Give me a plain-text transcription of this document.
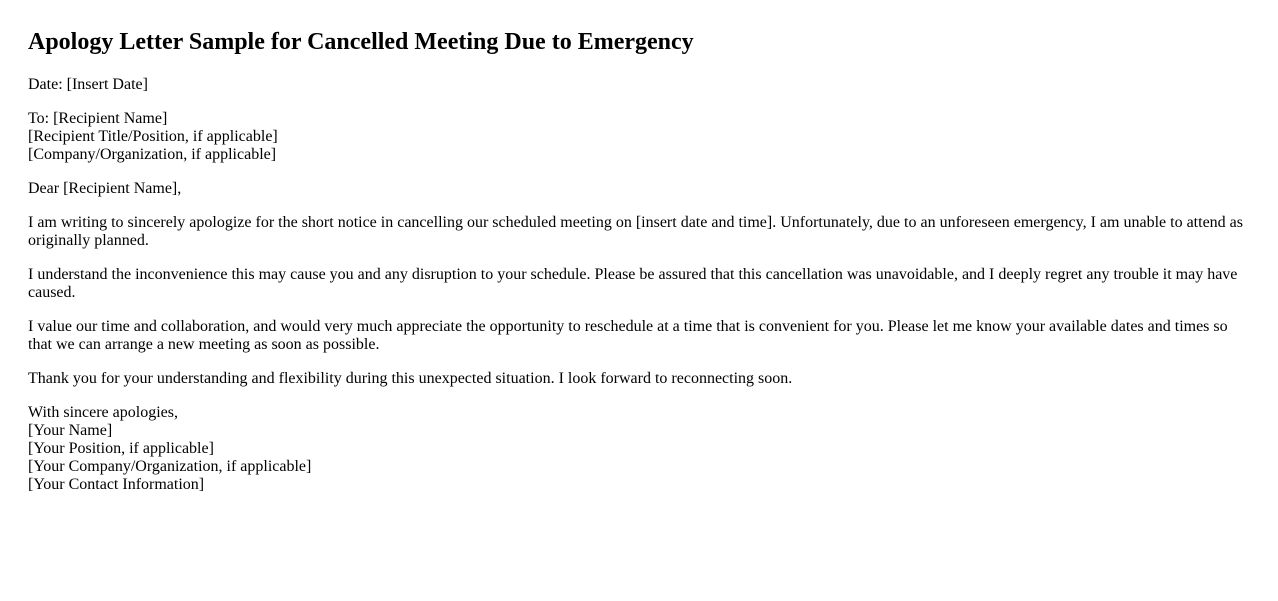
Apology Letter Sample for Cancelled Meeting Due to Emergency

Date: [Insert Date]

To: [Recipient Name]
[Recipient Title/Position, if applicable]
[Company/Organization, if applicable]

Dear [Recipient Name],

I am writing to sincerely apologize for the short notice in cancelling our scheduled meeting on [insert date and time]. Unfortunately, due to an unforeseen emergency, I am unable to attend as originally planned.

I understand the inconvenience this may cause you and any disruption to your schedule. Please be assured that this cancellation was unavoidable, and I deeply regret any trouble it may have caused.

I value our time and collaboration, and would very much appreciate the opportunity to reschedule at a time that is convenient for you. Please let me know your available dates and times so that we can arrange a new meeting as soon as possible.

Thank you for your understanding and flexibility during this unexpected situation. I look forward to reconnecting soon.

With sincere apologies,
[Your Name]
[Your Position, if applicable]
[Your Company/Organization, if applicable]
[Your Contact Information]
